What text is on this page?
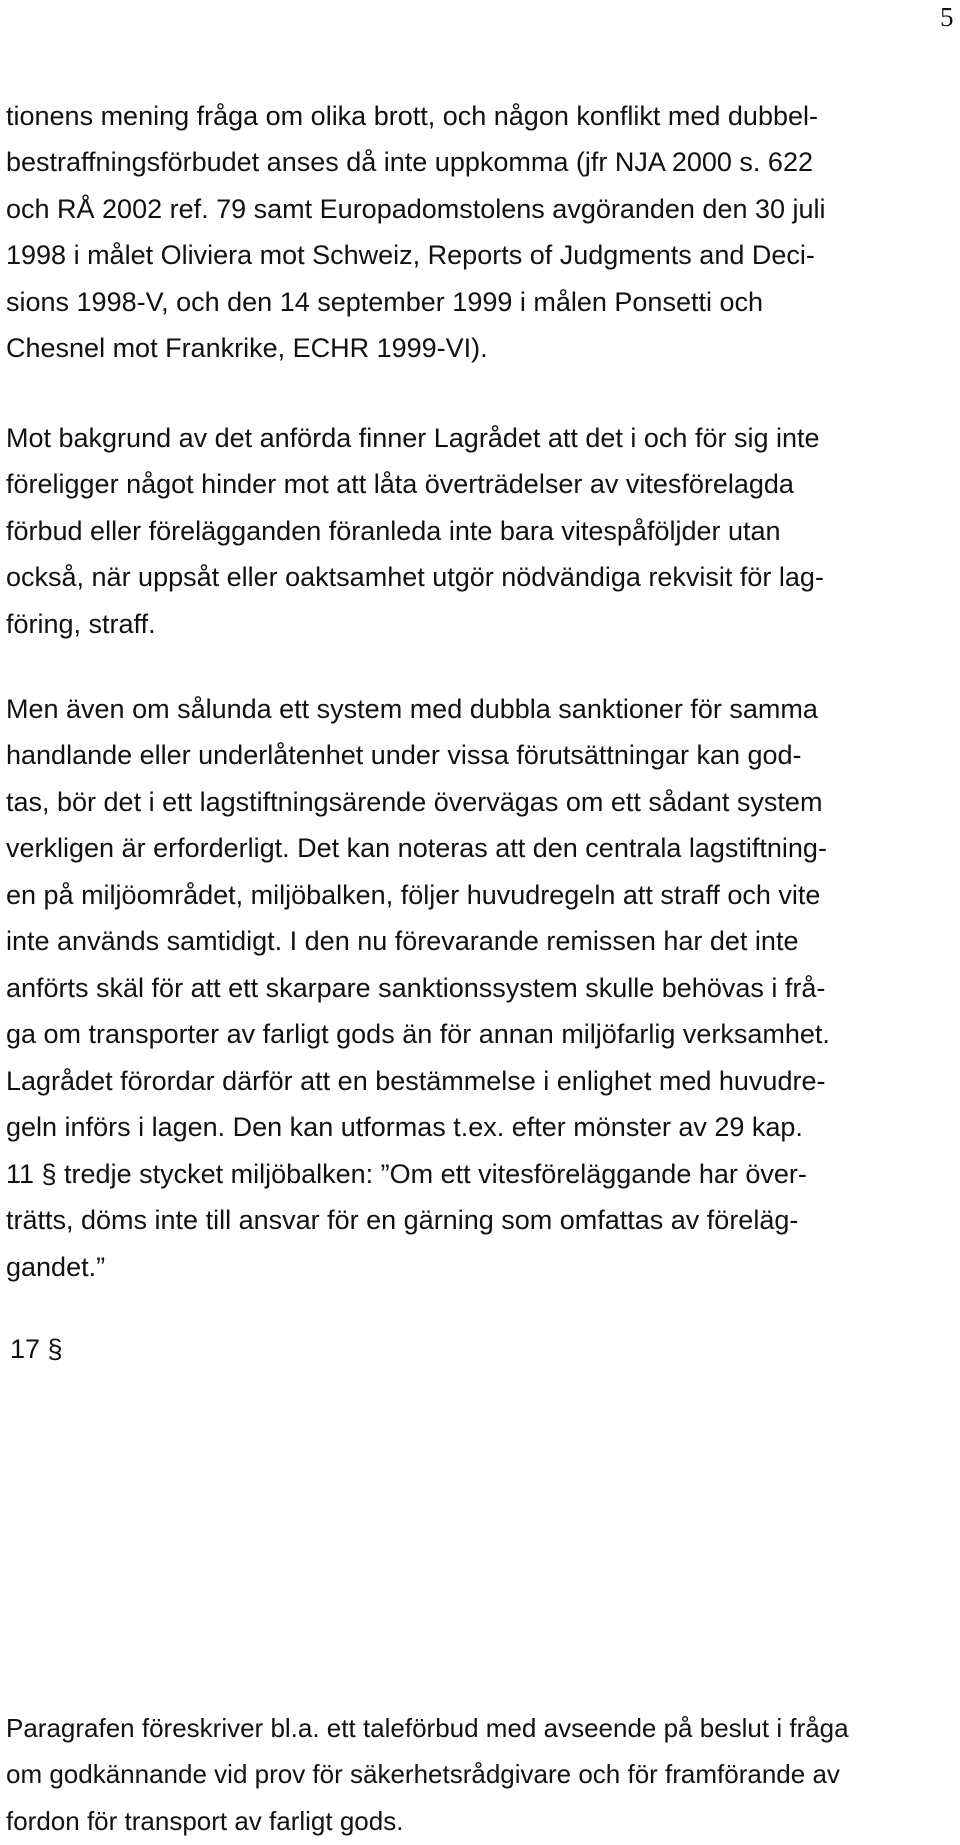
5
tionens mening fråga om olika brott, och någon konflikt med dubbel-
bestraffningsförbudet anses då inte uppkomma (jfr NJA 2000 s. 622
och RÅ 2002 ref. 79 samt Europadomstolens avgöranden den 30 juli
1998 i målet Oliviera mot Schweiz, Reports of Judgments and Deci-
sions 1998-V, och den 14 september 1999 i målen Ponsetti och
Chesnel mot Frankrike, ECHR 1999-VI).
Mot bakgrund av det anförda finner Lagrådet att det i och för sig inte
föreligger något hinder mot att låta överträdelser av vitesförelagda
förbud eller förelägganden föranleda inte bara vitespåföljder utan
också, när uppsåt eller oaktsamhet utgör nödvändiga rekvisit för lag-
föring, straff.
Men även om sålunda ett system med dubbla sanktioner för samma
handlande eller underlåtenhet under vissa förutsättningar kan god-
tas, bör det i ett lagstiftningsärende övervägas om ett sådant system
verkligen är erforderligt. Det kan noteras att den centrala lagstiftning-
en på miljöområdet, miljöbalken, följer huvudregeln att straff och vite
inte används samtidigt. I den nu förevarande remissen har det inte
anförts skäl för att ett skarpare sanktionssystem skulle behövas i frå-
ga om transporter av farligt gods än för annan miljöfarlig verksamhet.
Lagrådet förordar därför att en bestämmelse i enlighet med huvudre-
geln införs i lagen. Den kan utformas t.ex. efter mönster av 29 kap.
11 § tredje stycket miljöbalken: ”Om ett vitesföreläggande har över-
trätts, döms inte till ansvar för en gärning som omfattas av föreläg-
gandet.”
17 §
Paragrafen föreskriver bl.a. ett taleförbud med avseende på beslut i fråga
om godkännande vid prov för säkerhetsrådgivare och för framförande av
fordon för transport av farligt gods.
